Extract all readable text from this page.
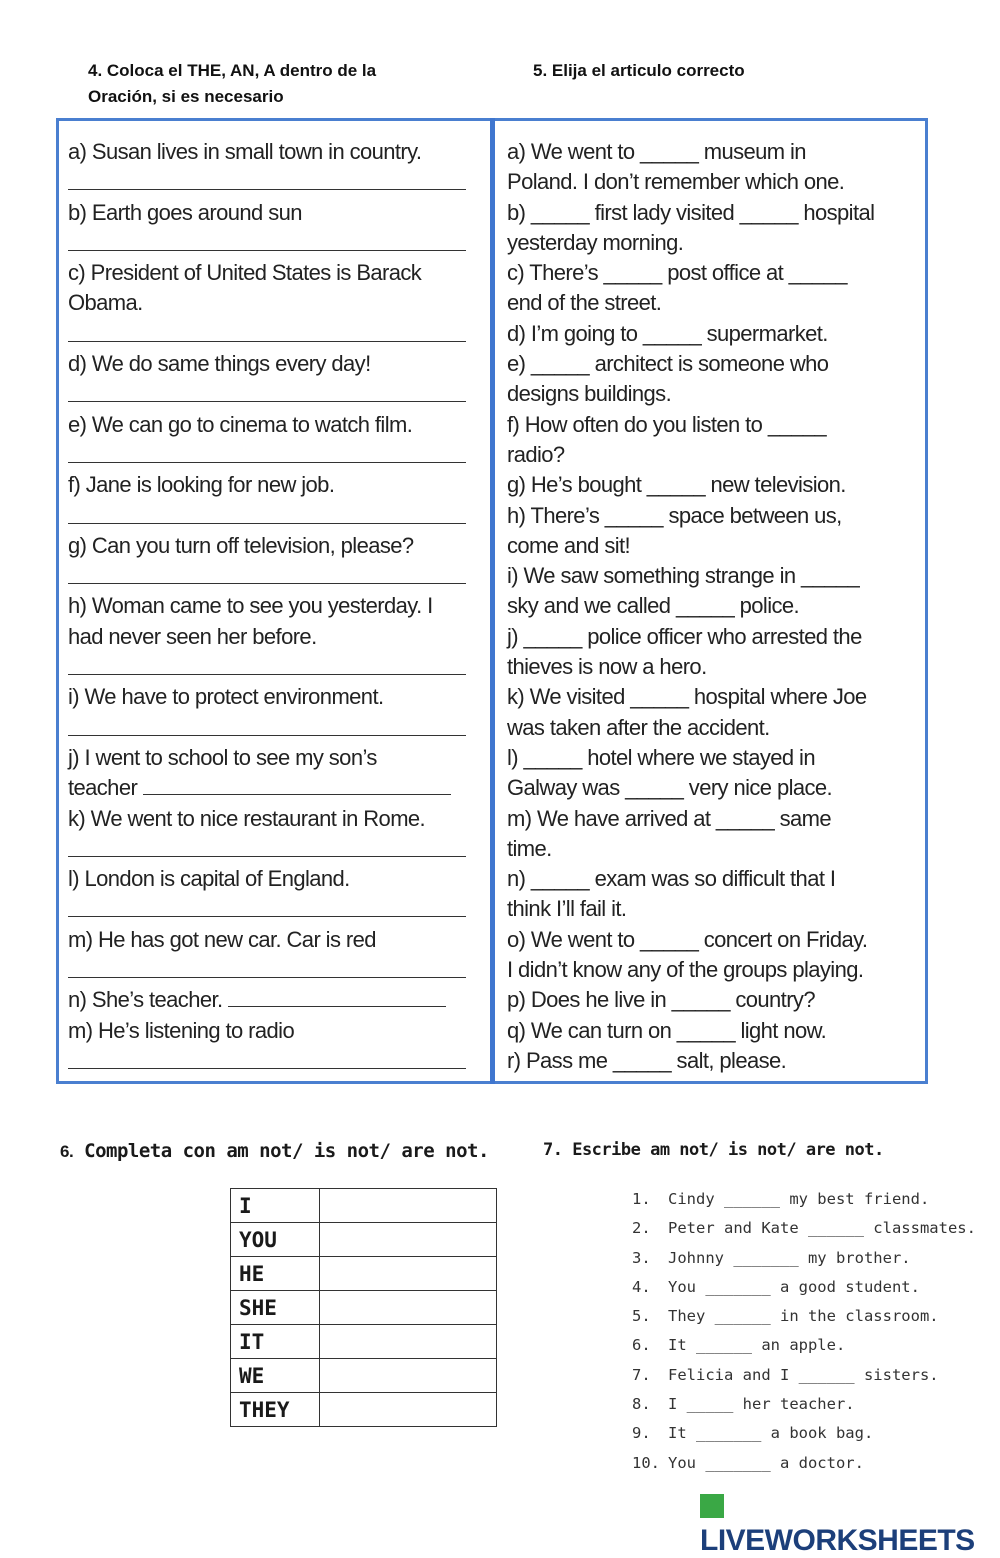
4. Coloca el THE, AN, A dentro de la
Oración, si es necesario
5. Elija el articulo correcto
a) Susan lives in small town in country.
b) Earth goes around sun
c) President of United States is Barack
Obama.
d) We do same things every day!
e) We can go to cinema to watch film.
f) Jane is looking for new job.
g) Can you turn off television, please?
h) Woman came to see you yesterday. I
had never seen her before.
i) We have to protect environment.
j) I went to school to see my son’s
teacher
k) We went to nice restaurant in Rome.
l) London is capital of England.
m) He has got new car. Car is red
n) She’s teacher.
m) He’s listening to radio
a) We went to _____ museum in
Poland. I don’t remember which one.
b) _____ first lady visited _____ hospital
yesterday morning.
c) There’s _____ post office at _____
end of the street.
d) I’m going to _____ supermarket.
e) _____ architect is someone who
designs buildings.
f) How often do you listen to _____
radio?
g) He’s bought _____ new television.
h) There’s _____ space between us,
come and sit!
i) We saw something strange in _____
sky and we called _____ police.
j) _____ police officer who arrested the
thieves is now a hero.
k) We visited _____ hospital where Joe
was taken after the accident.
l) _____ hotel where we stayed in
Galway was _____ very nice place.
m) We have arrived at _____ same
time.
n) _____ exam was so difficult that I
think I’ll fail it.
o) We went to _____ concert on Friday.
I didn’t know any of the groups playing.
p) Does he live in _____ country?
q) We can turn on _____ light now.
r) Pass me _____ salt, please.
6. Completa con am not/ is not/ are not.	7. Escribe am not/ is not/ are not.
I	
YOU	
HE	
SHE	
IT	
WE	
THEY	
1. Cindy ______ my best friend.
2. Peter and Kate ______ classmates.
3. Johnny _______ my brother.
4. You _______ a good student.
5. They ______ in the classroom.
6. It ______ an apple.
7. Felicia and I ______ sisters.
8. I _____ her teacher.
9. It _______ a book bag.
10. You _______ a doctor.
LIVEWORKSHEETS
